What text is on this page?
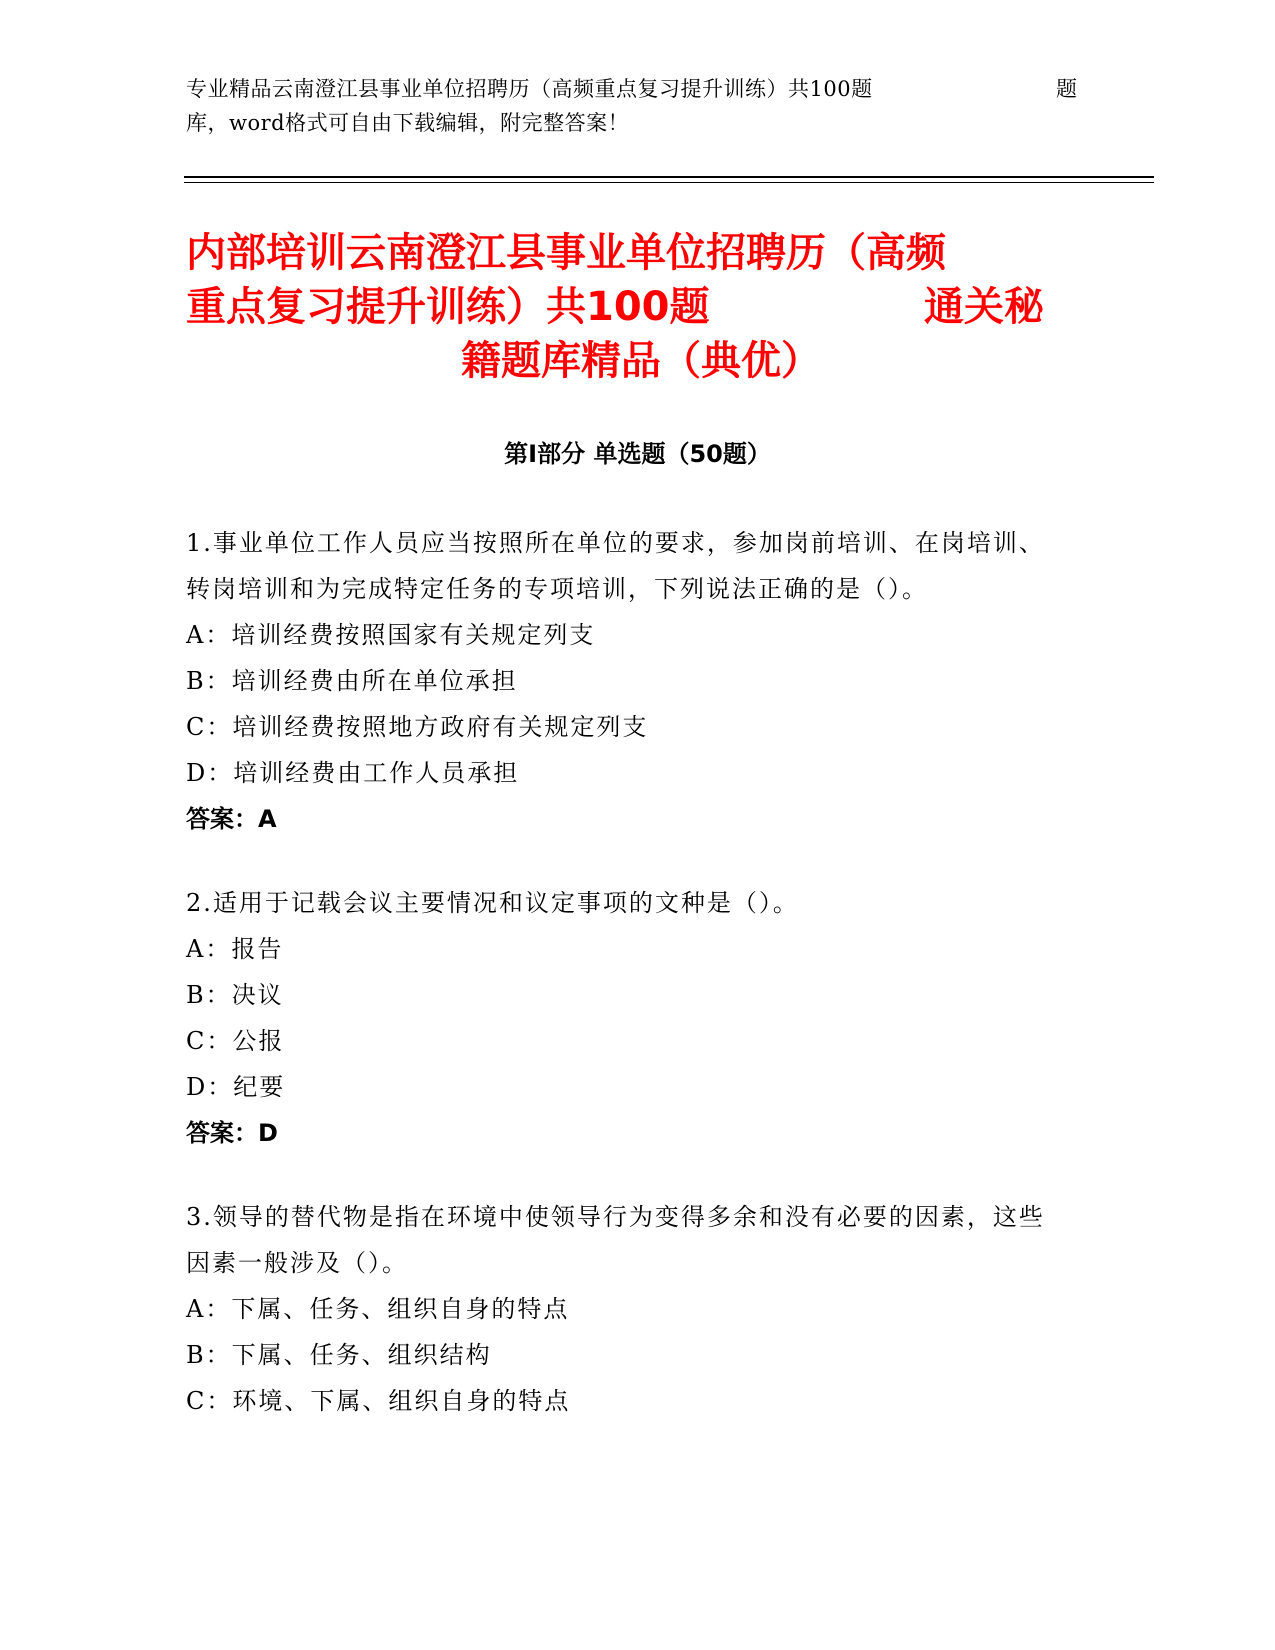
专业精品云南澄江县事业单位招聘历（高频重点复习提升训练）共100题	题
库，word格式可自由下载编辑，附完整答案！
内部培训云南澄江县事业单位招聘历（高频
重点复习提升训练）共100题	通关秘
籍题库精品（典优）
第Ⅰ部分 单选题（50题）
1.事业单位工作人员应当按照所在单位的要求，参加岗前培训、在岗培训、转岗培训和为完成特定任务的专项培训，下列说法正确的是（）。
A：培训经费按照国家有关规定列支
B：培训经费由所在单位承担
C：培训经费按照地方政府有关规定列支
D：培训经费由工作人员承担
答案：A
2.适用于记载会议主要情况和议定事项的文种是（）。
A：报告
B：决议
C：公报
D：纪要
答案：D
3.领导的替代物是指在环境中使领导行为变得多余和没有必要的因素，这些因素一般涉及（）。
A：下属、任务、组织自身的特点
B：下属、任务、组织结构
C：环境、下属、组织自身的特点
